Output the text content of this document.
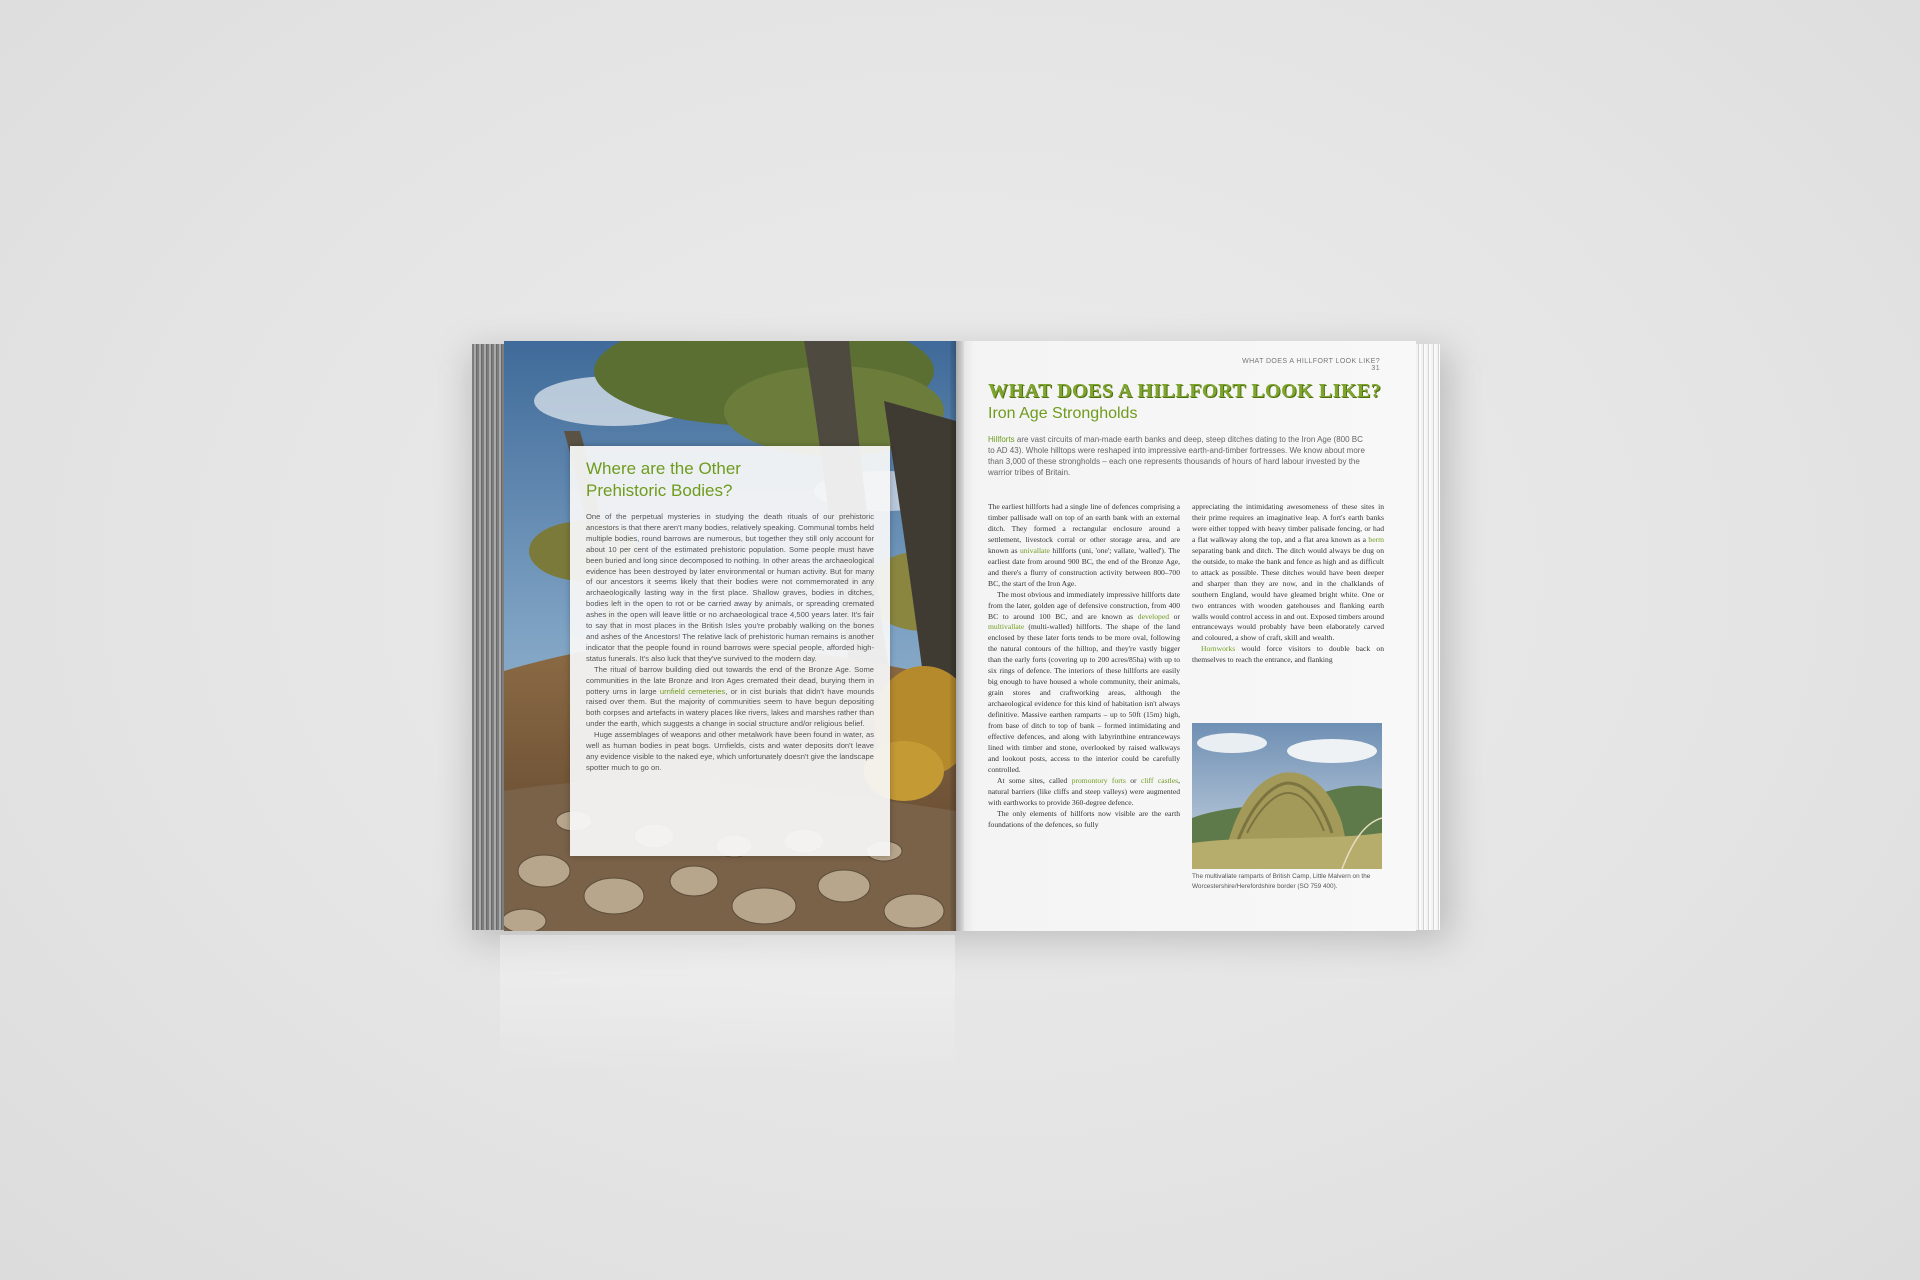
Where are the Other
Prehistoric Bodies?

One of the perpetual mysteries in studying the death rituals of our prehistoric ancestors is that there aren't many bodies, relatively speaking. Communal tombs held multiple bodies, round barrows are numerous, but together they still only account for about 10 per cent of the estimated prehistoric population. Some people must have been buried and long since decomposed to nothing. In other areas the archaeological evidence has been destroyed by later environmental or human activity. But for many of our ancestors it seems likely that their bodies were not commemorated in any archaeologically lasting way in the first place. Shallow graves, bodies in ditches, bodies left in the open to rot or be carried away by animals, or spreading cremated ashes in the open will leave little or no archaeological trace 4,500 years later. It's fair to say that in most places in the British Isles you're probably walking on the bones and ashes of the Ancestors! The relative lack of prehistoric human remains is another indicator that the people found in round barrows were special people, afforded high-status funerals. It's also luck that they've survived to the modern day.

The ritual of barrow building died out towards the end of the Bronze Age. Some communities in the late Bronze and Iron Ages cremated their dead, burying them in pottery urns in large urnfield cemeteries, or in cist burials that didn't have mounds raised over them. But the majority of communities seem to have begun depositing both corpses and artefacts in watery places like rivers, lakes and marshes rather than under the earth, which suggests a change in social structure and/or religious belief.

Huge assemblages of weapons and other metalwork have been found in water, as well as human bodies in peat bogs. Urnfields, cists and water deposits don't leave any evidence visible to the naked eye, which unfortunately doesn't give the landscape spotter much to go on.

WHAT DOES A HILLFORT LOOK LIKE?31
WHAT DOES A HILLFORT LOOK LIKE?
Iron Age Strongholds
Hillforts are vast circuits of man-made earth banks and deep, steep ditches dating to the Iron Age (800 BC to AD 43). Whole hilltops were reshaped into impressive earth-and-timber fortresses. We know about more than 3,000 of these strongholds – each one represents thousands of hours of hard labour invested by the warrior tribes of Britain.

The earliest hillforts had a single line of defences comprising a timber pallisade wall on top of an earth bank with an external ditch. They formed a rectangular enclosure around a settlement, livestock corral or other storage area, and are known as univallate hillforts (uni, 'one'; vallate, 'walled'). The earliest date from around 900 BC, the end of the Bronze Age, and there's a flurry of construction activity between 800–700 BC, the start of the Iron Age.

The most obvious and immediately impressive hillforts date from the later, golden age of defensive construction, from 400 BC to around 100 BC, and are known as developed or multivallate (multi-walled) hillforts. The shape of the land enclosed by these later forts tends to be more oval, following the natural contours of the hilltop, and they're vastly bigger than the early forts (covering up to 200 acres/85ha) with up to six rings of defence. The interiors of these hillforts are easily big enough to have housed a whole community, their animals, grain stores and craftworking areas, although the archaeological evidence for this kind of habitation isn't always definitive. Massive earthen ramparts – up to 50ft (15m) high, from base of ditch to top of bank – formed intimidating and effective defences, and along with labyrinthine entranceways lined with timber and stone, overlooked by raised walkways and lookout posts, access to the interior could be carefully controlled.

At some sites, called promontory forts or cliff castles, natural barriers (like cliffs and steep valleys) were augmented with earthworks to provide 360-degree defence.

The only elements of hillforts now visible are the earth foundations of the defences, so fully

appreciating the intimidating awesomeness of these sites in their prime requires an imaginative leap. A fort's earth banks were either topped with heavy timber palisade fencing, or had a flat walkway along the top, and a flat area known as a berm separating bank and ditch. The ditch would always be dug on the outside, to make the bank and fence as high and as difficult to attack as possible. These ditches would have been deeper and sharper than they are now, and in the chalklands of southern England, would have gleamed bright white. One or two entrances with wooden gatehouses and flanking earth walls would control access in and out. Exposed timbers around entranceways would probably have been elaborately carved and coloured, a show of craft, skill and wealth.

Hornworks would force visitors to double back on themselves to reach the entrance, and flanking

The multivallate ramparts of British Camp, Little Malvern on the Worcestershire/Herefordshire border (SO 759 400).
